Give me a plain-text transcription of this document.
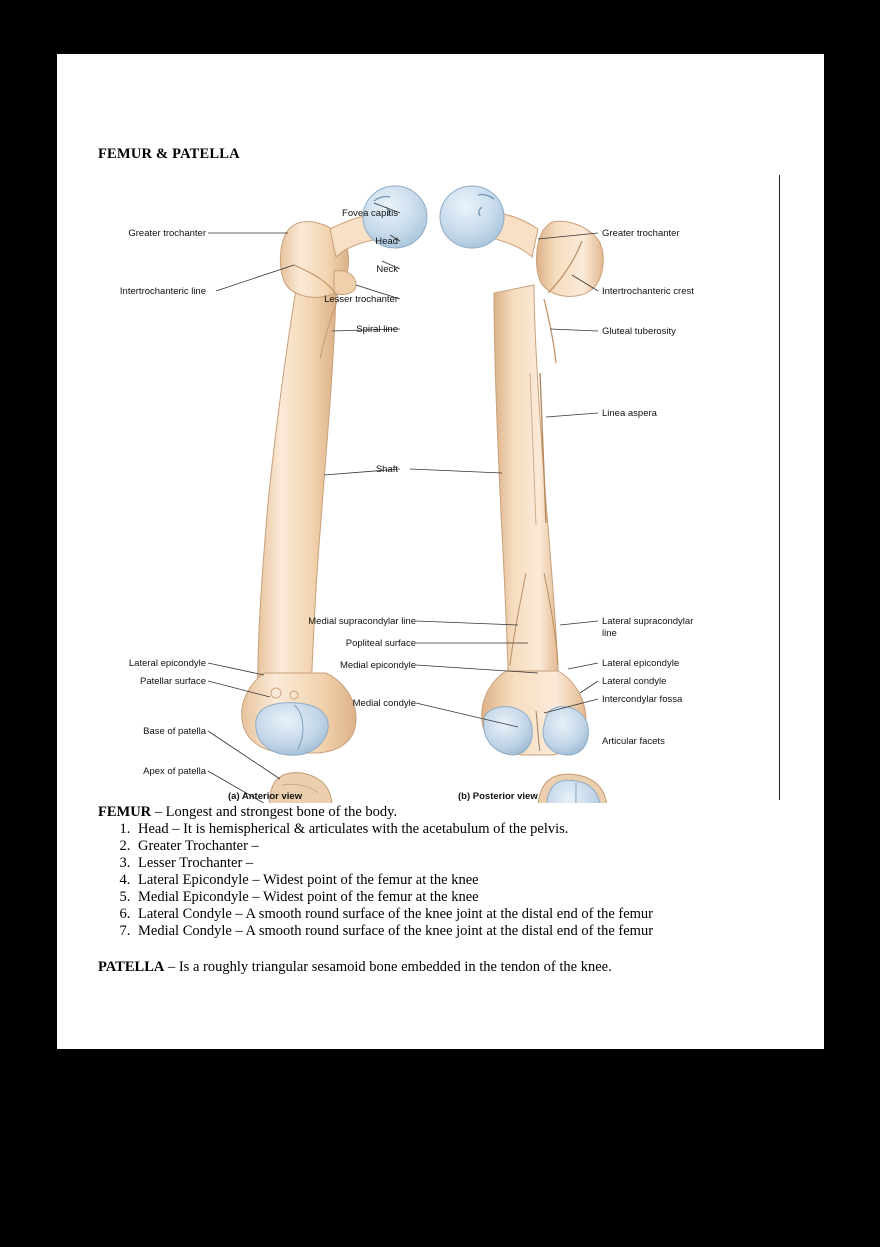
FEMUR & PATELLA
Greater trochanter
Intertrochanteric line
Lateral epicondyle
Patellar surface
Base of patella
Apex of patella
Fovea capitis
Head
Neck
Lesser trochanter
Spiral line
Shaft
Medial supracondylar line
Popliteal surface
Medial epicondyle
Medial condyle
Greater trochanter
Intertrochanteric crest
Gluteal tuberosity
Linea aspera
Lateral supracondylar
line
Lateral epicondyle
Lateral condyle
Intercondylar fossa
Articular facets
(a) Anterior view	(b) Posterior view
FEMUR – Longest and strongest bone of the body.
1. Head – It is hemispherical & articulates with the acetabulum of the pelvis.
2. Greater Trochanter –
3. Lesser Trochanter –
4. Lateral Epicondyle – Widest point of the femur at the knee
5. Medial Epicondyle – Widest point of the femur at the knee
6. Lateral Condyle – A smooth round surface of the knee joint at the distal end of the femur
7. Medial Condyle – A smooth round surface of the knee joint at the distal end of the femur
PATELLA – Is a roughly triangular sesamoid bone embedded in the tendon of the knee.
